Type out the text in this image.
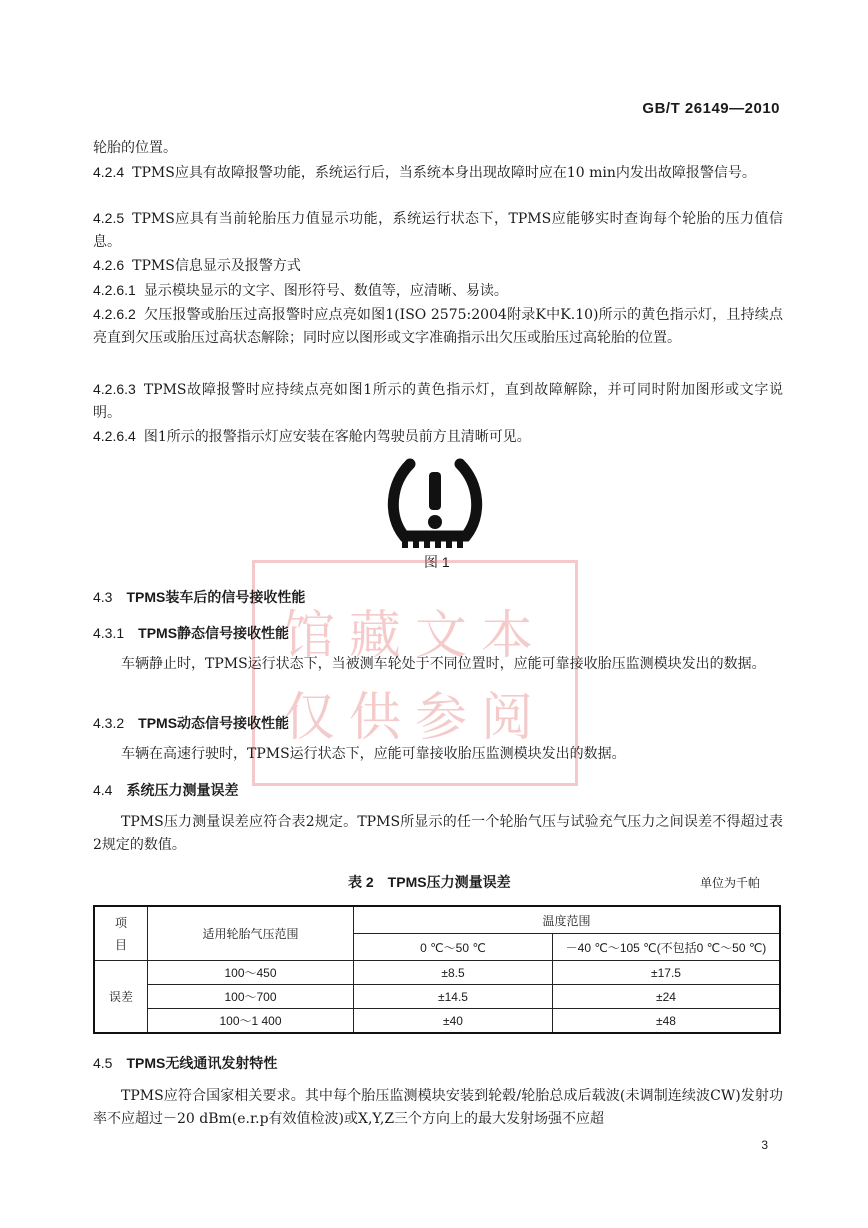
GB/T 26149—2010

轮胎的位置。

4.2.4 TPMS应具有故障报警功能，系统运行后，当系统本身出现故障时应在10 min内发出故障报警信号。

4.2.5 TPMS应具有当前轮胎压力值显示功能，系统运行状态下，TPMS应能够实时查询每个轮胎的压力值信息。

4.2.6 TPMS信息显示及报警方式

4.2.6.1 显示模块显示的文字、图形符号、数值等，应清晰、易读。

4.2.6.2 欠压报警或胎压过高报警时应点亮如图1(ISO 2575:2004附录K中K.10)所示的黄色指示灯，且持续点亮直到欠压或胎压过高状态解除；同时应以图形或文字准确指示出欠压或胎压过高轮胎的位置。

4.2.6.3 TPMS故障报警时应持续点亮如图1所示的黄色指示灯，直到故障解除，并可同时附加图形或文字说明。

4.2.6.4 图1所示的报警指示灯应安装在客舱内驾驶员前方且清晰可见。

图 1
馆藏文本
仅供参阅
4.3 TPMS装车后的信号接收性能
4.3.1 TPMS静态信号接收性能

车辆静止时，TPMS运行状态下，当被测车轮处于不同位置时，应能可靠接收胎压监测模块发出的数据。

4.3.2 TPMS动态信号接收性能

车辆在高速行驶时，TPMS运行状态下，应能可靠接收胎压监测模块发出的数据。

4.4 系统压力测量误差

TPMS压力测量误差应符合表2规定。TPMS所显示的任一个轮胎气压与试验充气压力之间误差不得超过表2规定的数值。

表 2　TPMS压力测量误差	单位为千帕
项
目	适用轮胎气压范围	温度范围	
		0 ℃～50 ℃	－40 ℃～105 ℃(不包括0 ℃～50 ℃)
误差	100～450	±8.5	±17.5
	100～700	±14.5	±24
	100～1 400	±40	±48
4.5 TPMS无线通讯发射特性

TPMS应符合国家相关要求。其中每个胎压监测模块安装到轮毂/轮胎总成后载波(未调制连续波CW)发射功率不应超过－20 dBm(e.r.p有效值检波)或X,Y,Z三个方向上的最大发射场强不应超

3
